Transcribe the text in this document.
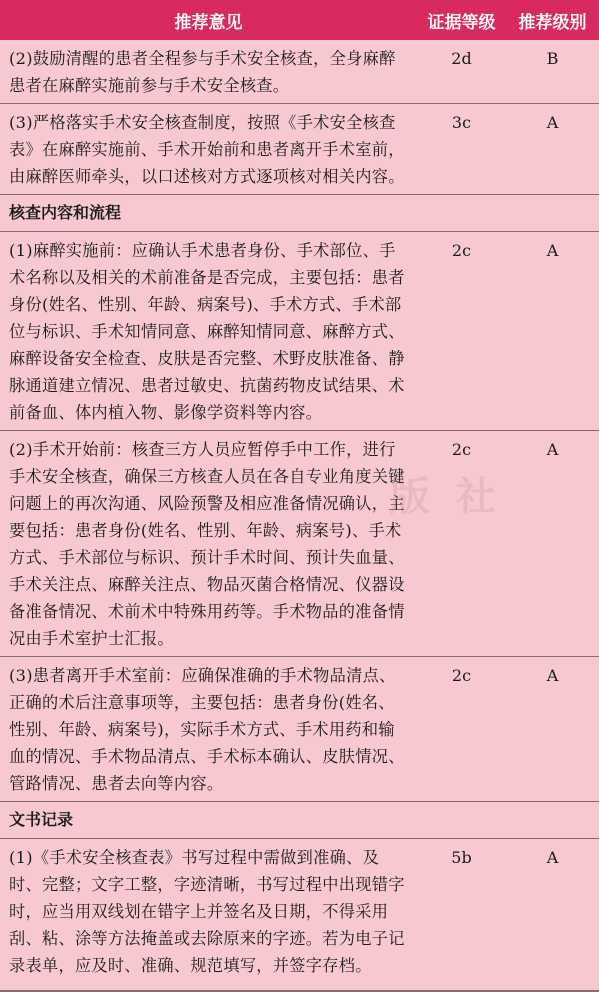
推荐意见	证据等级	推荐级别
(2)鼓励清醒的患者全程参与手术安全核查，全身麻醉患者在麻醉实施前参与手术安全核查。	2d	B
(3)严格落实手术安全核查制度，按照《手术安全核查表》在麻醉实施前、手术开始前和患者离开手术室前，由麻醉医师牵头，以口述核对方式逐项核对相关内容。	3c	A
核查内容和流程		
(1)麻醉实施前：应确认手术患者身份、手术部位、手术名称以及相关的术前准备是否完成，主要包括：患者身份(姓名、性别、年龄、病案号)、手术方式、手术部位与标识、手术知情同意、麻醉知情同意、麻醉方式、麻醉设备安全检查、皮肤是否完整、术野皮肤准备、静脉通道建立情况、患者过敏史、抗菌药物皮试结果、术前备血、体内植入物、影像学资料等内容。	2c	A
(2)手术开始前：核查三方人员应暂停手中工作，进行手术安全核查，确保三方核查人员在各自专业角度关键问题上的再次沟通、风险预警及相应准备情况确认，主要包括：患者身份(姓名、性别、年龄、病案号)、手术方式、手术部位与标识、预计手术时间、预计失血量、手术关注点、麻醉关注点、物品灭菌合格情况、仪器设备准备情况、术前术中特殊用药等。手术物品的准备情况由手术室护士汇报。	2c	A
(3)患者离开手术室前：应确保准确的手术物品清点、正确的术后注意事项等，主要包括：患者身份(姓名、性别、年龄、病案号)，实际手术方式、手术用药和输血的情况、手术物品清点、手术标本确认、皮肤情况、管路情况、患者去向等内容。	2c	A
文书记录		
(1)《手术安全核查表》书写过程中需做到准确、及时、完整；文字工整，字迹清晰，书写过程中出现错字时，应当用双线划在错字上并签名及日期，不得采用刮、粘、涂等方法掩盖或去除原来的字迹。若为电子记录表单，应及时、准确、规范填写，并签字存档。	5b	A
版 社
